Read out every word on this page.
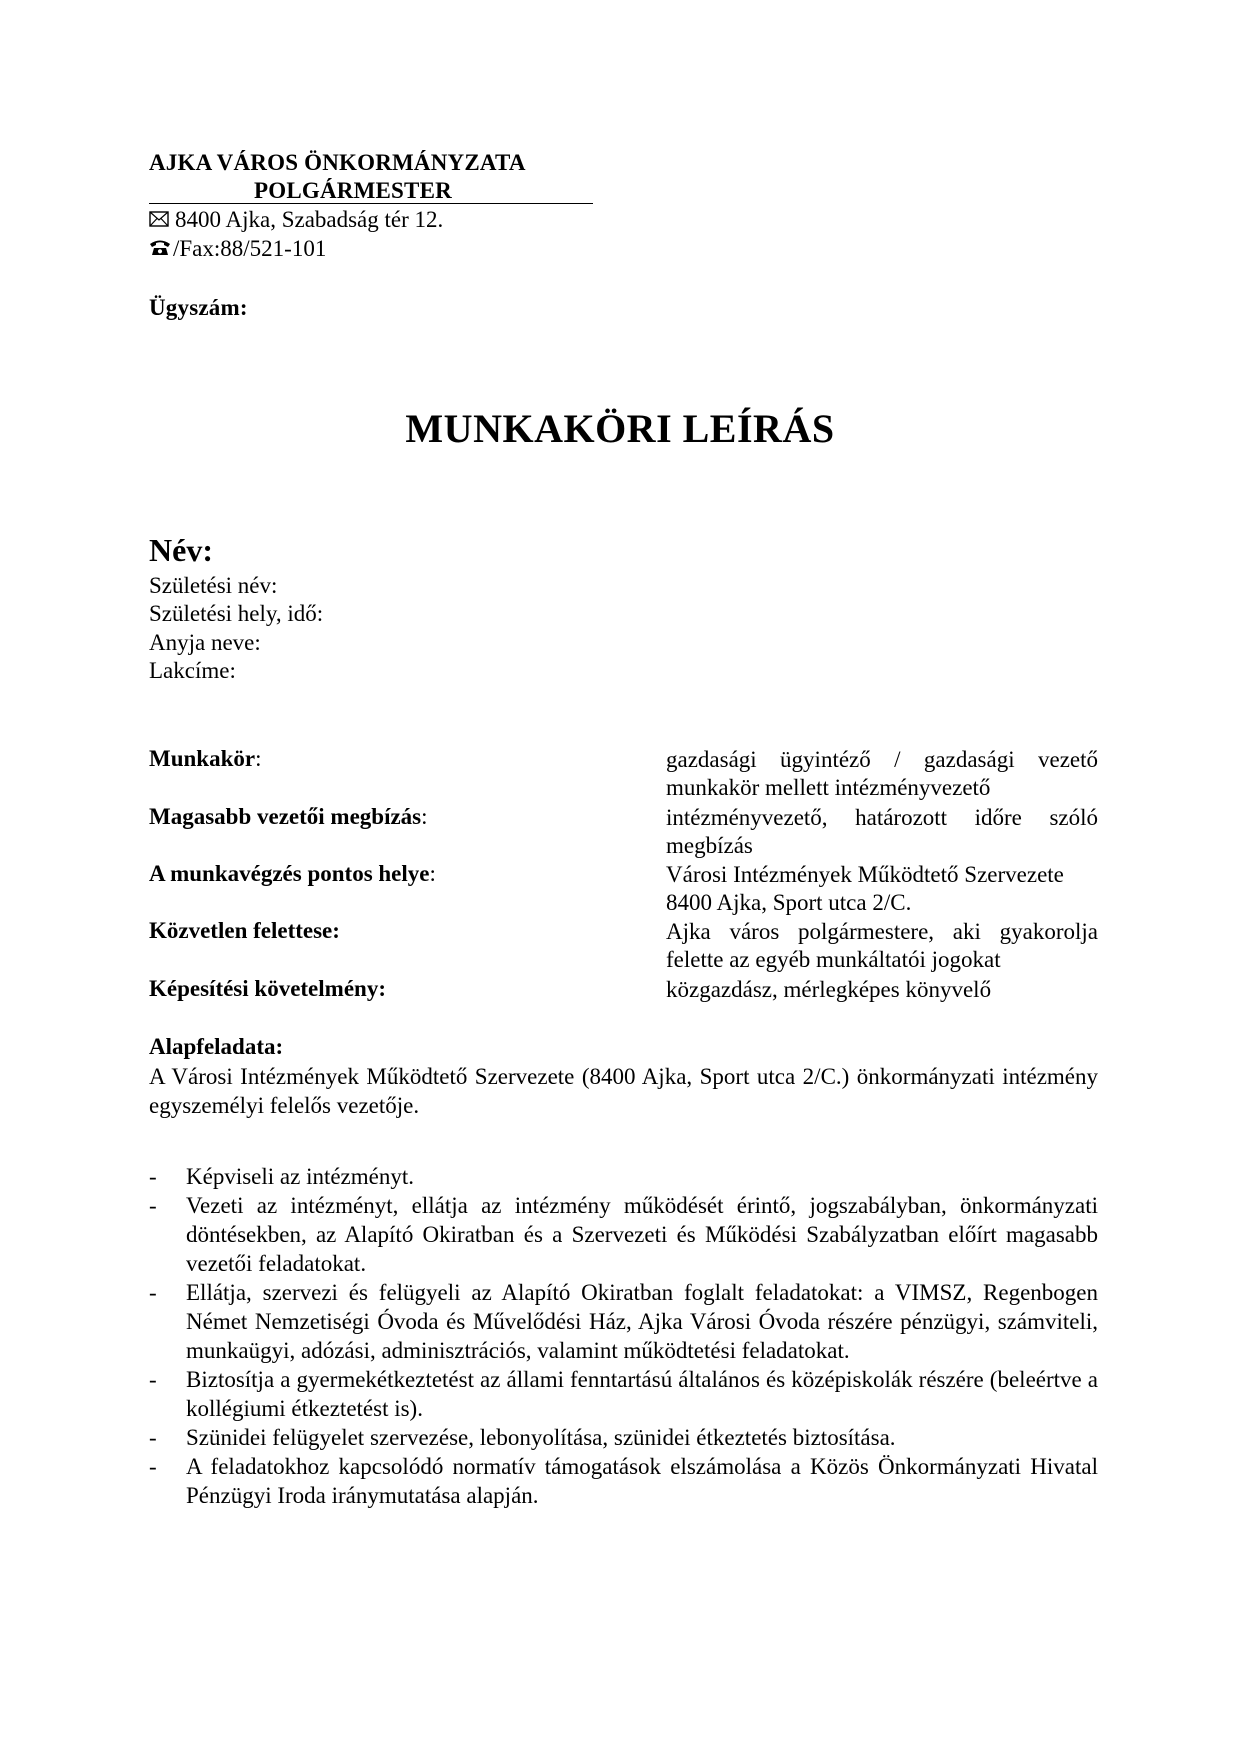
AJKA VÁROS ÖNKORMÁNYZATA
POLGÁRMESTER
8400 Ajka, Szabadság tér 12.
/Fax:88/521-101
Ügyszám:
MUNKAKÖRI LEÍRÁS
Név:
Születési név:
Születési hely, idő:
Anyja neve:
Lakcíme:
Munkakör:	gazdasági ügyintéző / gazdasági vezető
munkakör mellett intézményvezető
Magasabb vezetői megbízás:	intézményvezető, határozott időre szóló
megbízás
A munkavégzés pontos helye:	Városi Intézmények Működtető Szervezete
8400 Ajka, Sport utca 2/C.
Közvetlen felettese:	Ajka város polgármestere, aki gyakorolja
felette az egyéb munkáltatói jogokat
Képesítési követelmény:	közgazdász, mérlegképes könyvelő
Alapfeladata:
A Városi Intézmények Működtető Szervezete (8400 Ajka, Sport utca 2/C.) önkormányzati intézmény egyszemélyi felelős vezetője.
-	Képviseli az intézményt.
-	Vezeti az intézményt, ellátja az intézmény működését érintő, jogszabályban, önkormányzati döntésekben, az Alapító Okiratban és a Szervezeti és Működési Szabályzatban előírt magasabb vezetői feladatokat.
-	Ellátja, szervezi és felügyeli az Alapító Okiratban foglalt feladatokat: a VIMSZ, Regenbogen Német Nemzetiségi Óvoda és Művelődési Ház, Ajka Városi Óvoda részére pénzügyi, számviteli, munkaügyi, adózási, adminisztrációs, valamint működtetési feladatokat.
-	Biztosítja a gyermekétkeztetést az állami fenntartású általános és középiskolák részére (beleértve a kollégiumi étkeztetést is).
-	Szünidei felügyelet szervezése, lebonyolítása, szünidei étkeztetés biztosítása.
-	A feladatokhoz kapcsolódó normatív támogatások elszámolása a Közös Önkormányzati Hivatal Pénzügyi Iroda iránymutatása alapján.
